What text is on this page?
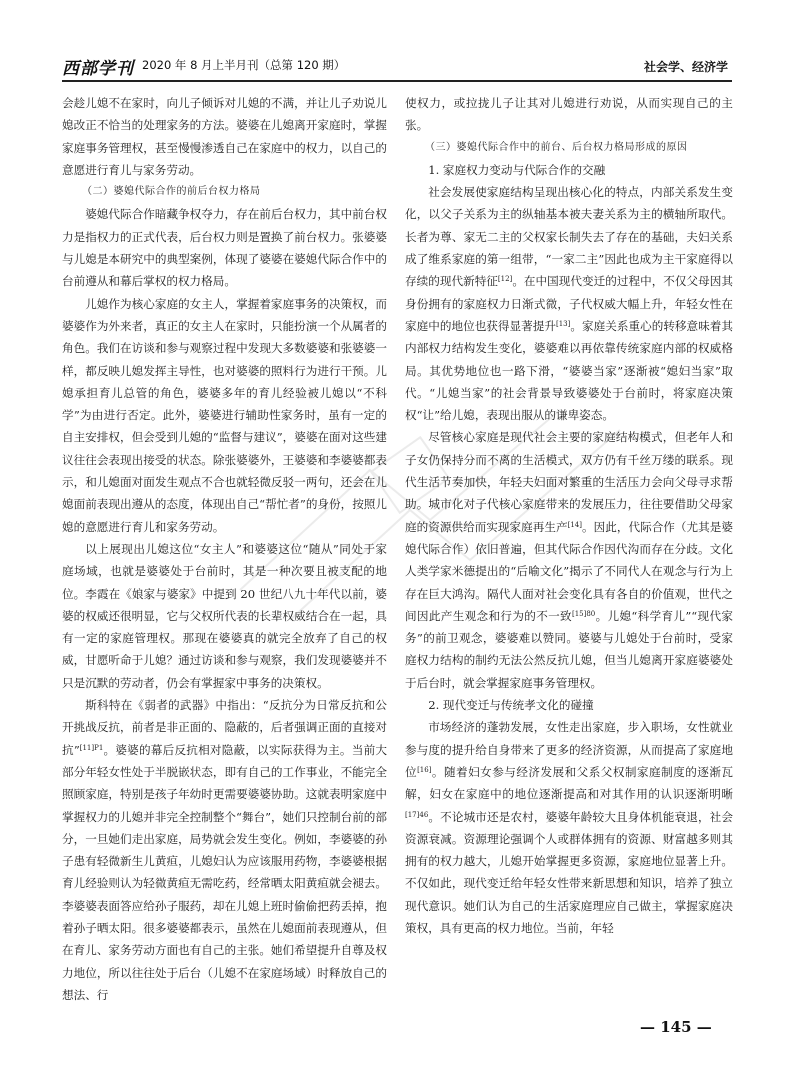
西部学刊 2020 年 8 月上半月刊（总第 120 期）	社会学、经济学

会趁儿媳不在家时，向儿子倾诉对儿媳的不满，并让儿子劝说儿媳改正不恰当的处理家务的方法。婆婆在儿媳离开家庭时，掌握家庭事务管理权，甚至慢慢渗透自己在家庭中的权力，以自己的意愿进行育儿与家务劳动。

（二）婆媳代际合作的前后台权力格局

婆媳代际合作暗藏争权夺力，存在前后台权力，其中前台权力是指权力的正式代表，后台权力则是置换了前台权力。张婆婆与儿媳是本研究中的典型案例，体现了婆婆在婆媳代际合作中的台前遵从和幕后掌权的权力格局。

儿媳作为核心家庭的女主人，掌握着家庭事务的决策权，而婆婆作为外来者，真正的女主人在家时，只能扮演一个从属者的角色。我们在访谈和参与观察过程中发现大多数婆婆和张婆婆一样，都反映儿媳发挥主导性，也对婆婆的照料行为进行干预。儿媳承担育儿总管的角色，婆婆多年的育儿经验被儿媳以“不科学”为由进行否定。此外，婆婆进行辅助性家务时，虽有一定的自主安排权，但会受到儿媳的“监督与建议”，婆婆在面对这些建议往往会表现出接受的状态。除张婆婆外，王婆婆和李婆婆都表示，和儿媳面对面发生观点不合也就轻微反驳一两句，还会在儿媳面前表现出遵从的态度，体现出自己“帮忙者”的身份，按照儿媳的意愿进行育儿和家务劳动。

以上展现出儿媳这位“女主人”和婆婆这位“随从”同处于家庭场域，也就是婆婆处于台前时，其是一种次要且被支配的地位。李霞在《娘家与婆家》中提到 20 世纪八九十年代以前，婆婆的权威还很明显，它与父权所代表的长辈权威结合在一起，具有一定的家庭管理权。那现在婆婆真的就完全放弃了自己的权威，甘愿听命于儿媳？通过访谈和参与观察，我们发现婆婆并不只是沉默的劳动者，仍会有掌握家中事务的决策权。

斯科特在《弱者的武器》中指出：“反抗分为日常反抗和公开挑战反抗，前者是非正面的、隐蔽的，后者强调正面的直接对抗”$^{[11]P1}$。婆婆的幕后反抗相对隐蔽，以实际获得为主。当前大部分年轻女性处于半脱嵌状态，即有自己的工作事业，不能完全照顾家庭，特别是孩子年幼时更需要婆婆协助。这就表明家庭中掌握权力的儿媳并非完全控制整个“舞台”，她们只控制台前的部分，一旦她们走出家庭，局势就会发生变化。例如，李婆婆的孙子患有轻微新生儿黄疸，儿媳妇认为应该服用药物，李婆婆根据育儿经验则认为轻微黄疸无需吃药，经常晒太阳黄疸就会褪去。李婆婆表面答应给孙子服药，却在儿媳上班时偷偷把药丢掉，抱着孙子晒太阳。很多婆婆都表示，虽然在儿媳面前表现遵从，但在育儿、家务劳动方面也有自己的主张。她们希望提升自尊及权力地位，所以往往处于后台（儿媳不在家庭场域）时释放自己的想法、行

使权力，或拉拢儿子让其对儿媳进行劝说，从而实现自己的主张。

（三）婆媳代际合作中的前台、后台权力格局形成的原因

1. 家庭权力变动与代际合作的交融

社会发展使家庭结构呈现出核心化的特点，内部关系发生变化，以父子关系为主的纵轴基本被夫妻关系为主的横轴所取代。长者为尊、家无二主的父权家长制失去了存在的基础，夫妇关系成了维系家庭的第一组带，“一家二主”因此也成为主干家庭得以存续的现代新特征[12]。在中国现代变迁的过程中，不仅父母因其身份拥有的家庭权力日渐式微，子代权威大幅上升，年轻女性在家庭中的地位也获得显著提升[13]。家庭关系重心的转移意味着其内部权力结构发生变化，婆婆难以再依靠传统家庭内部的权威格局。其优势地位也一路下滑，“婆婆当家”逐渐被“媳妇当家”取代。“儿媳当家”的社会背景导致婆婆处于台前时，将家庭决策权“让”给儿媳，表现出服从的谦卑姿态。

尽管核心家庭是现代社会主要的家庭结构模式，但老年人和子女仍保持分而不离的生活模式，双方仍有千丝万缕的联系。现代生活节奏加快，年轻夫妇面对繁重的生活压力会向父母寻求帮助。城市化对子代核心家庭带来的发展压力，往往要借助父母家庭的资源供给而实现家庭再生产[14]。因此，代际合作（尤其是婆媳代际合作）依旧普遍，但其代际合作因代沟而存在分歧。文化人类学家米德提出的“后喻文化”揭示了不同代人在观念与行为上存在巨大鸿沟。隔代人面对社会变化具有各自的价值观，世代之间因此产生观念和行为的不一致$^{[15]80}$。儿媳“科学育儿”“现代家务”的前卫观念，婆婆难以赞同。婆婆与儿媳处于台前时，受家庭权力结构的制约无法公然反抗儿媳，但当儿媳离开家庭婆婆处于后台时，就会掌握家庭事务管理权。

2. 现代变迁与传统孝文化的碰撞

市场经济的蓬勃发展，女性走出家庭，步入职场，女性就业参与度的提升给自身带来了更多的经济资源，从而提高了家庭地位[16]。随着妇女参与经济发展和父系父权制家庭制度的逐渐瓦解，妇女在家庭中的地位逐渐提高和对其作用的认识逐渐明晰$^{[17]46}$。不论城市还是农村，婆婆年龄较大且身体机能衰退，社会资源衰减。资源理论强调个人或群体拥有的资源、财富越多则其拥有的权力越大，儿媳开始掌握更多资源，家庭地位显著上升。不仅如此，现代变迁给年轻女性带来新思想和知识，培养了独立现代意识。她们认为自己的生活家庭理应自己做主，掌握家庭决策权，具有更高的权力地位。当前，年轻

— 145 —
